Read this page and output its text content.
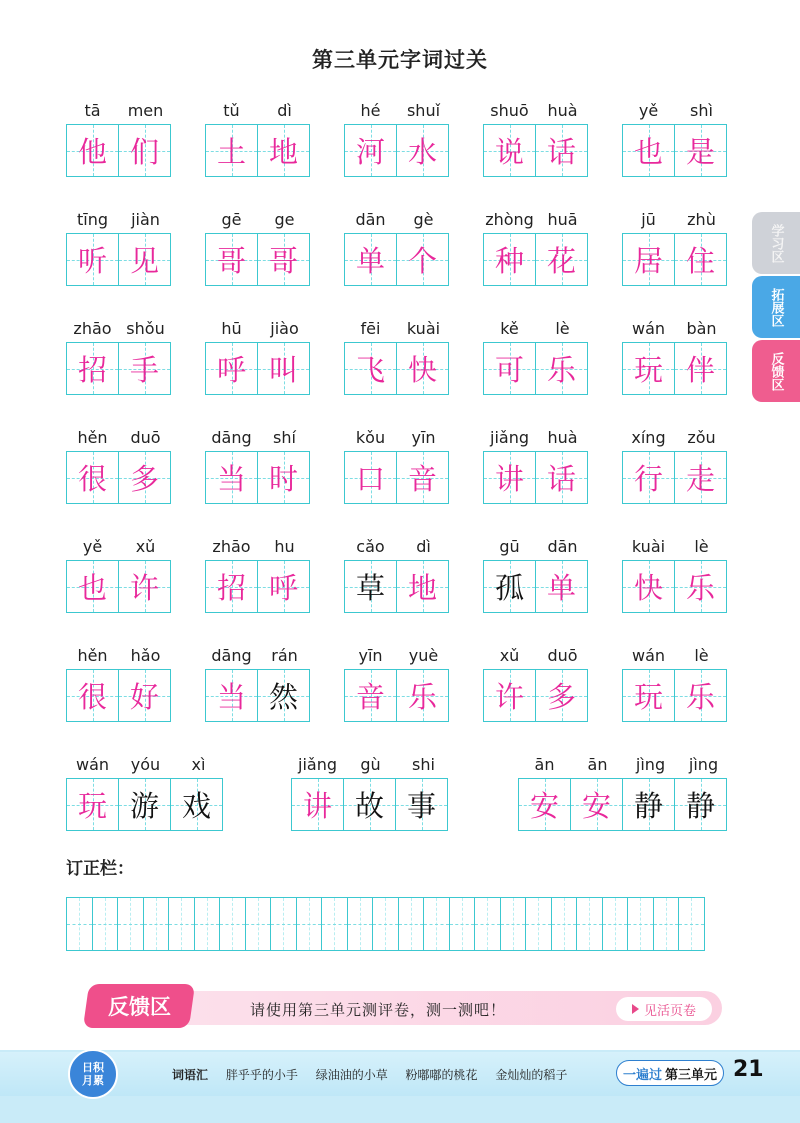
第三单元字词过关
订正栏：
学习区
拓展区
反馈区
反馈区	请使用第三单元测评卷，测一测吧！	见活页卷
日积
月累	词语汇 胖乎乎的小手 绿油油的小草 粉嘟嘟的桃花 金灿灿的稻子	一遍过 第三单元 21
tā	men
他 们
tǔ	dì
土 地
hé	shuǐ
河 水
shuō	huà
说 话
yě	shì
也 是
tīng	jiàn
听 见
gē	ge
哥 哥
dān	gè
单 个
zhòng huā
种 花
jū	zhù
居 住
zhāo shǒu
招 手
hū	jiào
呼 叫
fēi	kuài
飞 快
kě	lè
可 乐
wán	bàn
玩 伴
hěn	duō
很 多
dāng	shí
当 时
kǒu	yīn
口 音
jiǎng	huà
讲 话
xíng	zǒu
行 走
yě	xǔ
也 许
zhāo	hu
招 呼
cǎo	dì
草 地
gū	dān
孤 单
kuài	lè
快 乐
hěn	hǎo
很 好
dāng	rán
当 然
yīn	yuè
音 乐
xǔ	duō
许 多
wán	lè
玩 乐
wán	yóu	xì
玩 游 戏
jiǎng	gù	shi
讲 故 事
ān	ān	jìng	jìng
安 安 静 静
